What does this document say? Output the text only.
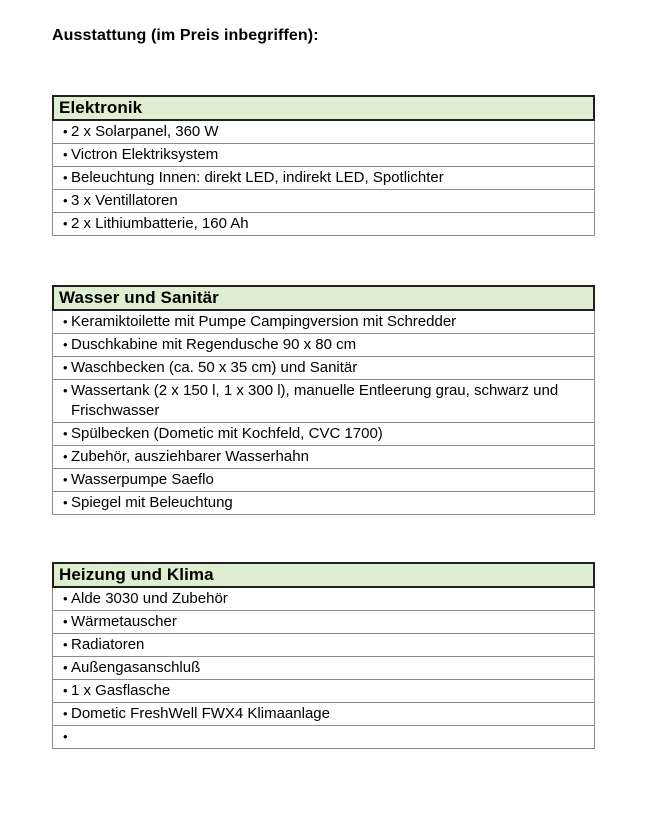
Ausstattung (im Preis inbegriffen):
Elektronik
• 2 x Solarpanel, 360 W
• Victron Elektriksystem
• Beleuchtung Innen: direkt LED, indirekt LED, Spotlichter
• 3 x Ventillatoren
• 2 x Lithiumbatterie, 160 Ah
Wasser und Sanitär
• Keramiktoilette mit Pumpe Campingversion mit Schredder
• Duschkabine mit Regendusche 90 x 80 cm
• Waschbecken (ca. 50 x 35 cm) und Sanitär
• Wassertank (2 x 150 l, 1 x 300 l), manuelle Entleerung grau, schwarz und Frischwasser
• Spülbecken (Dometic mit Kochfeld, CVC 1700)
• Zubehör, ausziehbarer Wasserhahn
• Wasserpumpe Saeflo
• Spiegel mit Beleuchtung
Heizung und Klima
• Alde 3030 und Zubehör
• Wärmetauscher
• Radiatoren
• Außengasanschluß
• 1 x Gasflasche
• Dometic FreshWell FWX4 Klimaanlage
•
